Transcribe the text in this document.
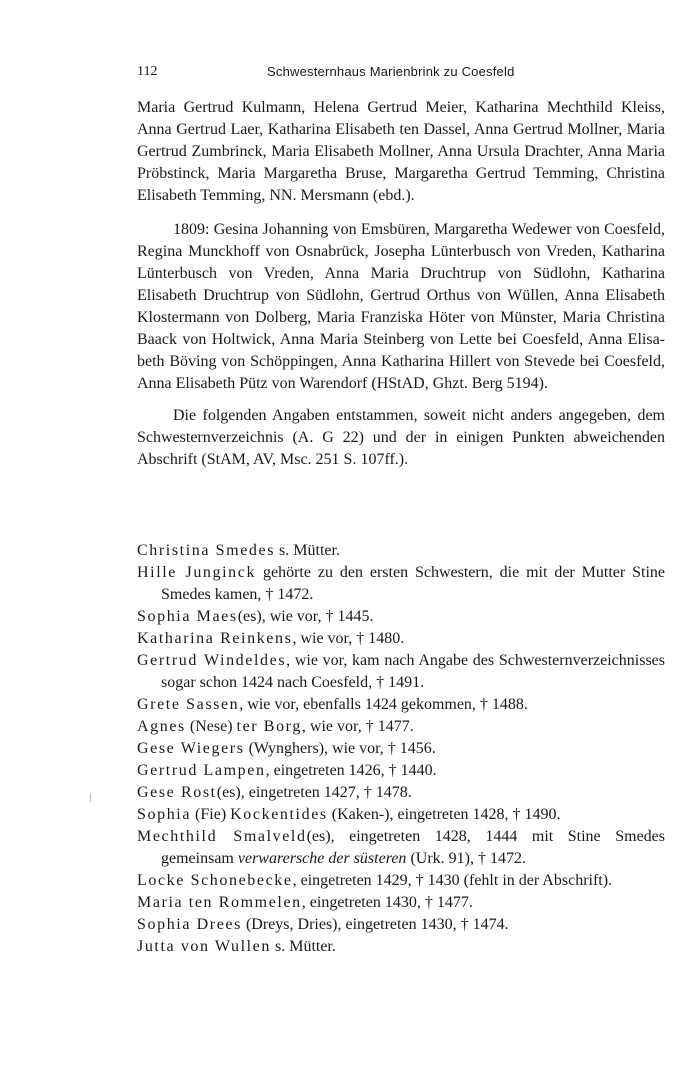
112	Schwesternhaus Marienbrink zu Coesfeld

Maria Gertrud Kulmann, Helena Gertrud Meier, Katharina Mechthild Kleiss, Anna Gertrud Laer, Katharina Elisabeth ten Dassel, Anna Gertrud Mollner, Maria Gertrud Zumbrinck, Maria Elisabeth Mollner, Anna Ursula Drachter, Anna Maria Pröbstinck, Maria Margaretha Bruse, Margaretha Gertrud Temming, Christina Elisabeth Temming, NN. Mersmann (ebd.).

1809: Gesina Johanning von Emsbüren, Margaretha Wedewer von Coesfeld, Regina Munckhoff von Osnabrück, Josepha Lünterbusch von Vreden, Katharina Lünterbusch von Vreden, Anna Maria Druchtrup von Südlohn, Katharina Elisabeth Druchtrup von Südlohn, Gertrud Orthus von Wüllen, Anna Elisabeth Klostermann von Dolberg, Maria Franziska Höter von Münster, Maria Christina Baack von Holtwick, Anna Maria Steinberg von Lette bei Coesfeld, Anna Elisabeth Böving von Schöppingen, Anna Katharina Hillert von Stevede bei Coesfeld, Anna Elisabeth Pütz von Warendorf (HStAD, Ghzt. Berg 5194).

Die folgenden Angaben entstammen, soweit nicht anders angegeben, dem Schwesternverzeichnis (A. G 22) und der in einigen Punkten abweichenden Abschrift (StAM, AV, Msc. 251 S. 107ff.).

Christina Smedes s. Mütter.
Hille Junginck gehörte zu den ersten Schwestern, die mit der Mutter Stine Smedes kamen, † 1472.
Sophia Maes(es), wie vor, † 1445.
Katharina Reinkens, wie vor, † 1480.
Gertrud Windeldes, wie vor, kam nach Angabe des Schwesternverzeichnisses sogar schon 1424 nach Coesfeld, † 1491.
Grete Sassen, wie vor, ebenfalls 1424 gekommen, † 1488.
Agnes (Nese) ter Borg, wie vor, † 1477.
Gese Wiegers (Wynghers), wie vor, † 1456.
Gertrud Lampen, eingetreten 1426, † 1440.
Gese Rost(es), eingetreten 1427, † 1478.
Sophia (Fie) Kockentides (Kaken-), eingetreten 1428, † 1490.
Mechthild Smalveld(es), eingetreten 1428, 1444 mit Stine Smedes gemeinsam verwarersche der süsteren (Urk. 91), † 1472.
Locke Schonebecke, eingetreten 1429, † 1430 (fehlt in der Abschrift).
Maria ten Rommelen, eingetreten 1430, † 1477.
Sophia Drees (Dreys, Dries), eingetreten 1430, † 1474.
Jutta von Wullen s. Mütter.
